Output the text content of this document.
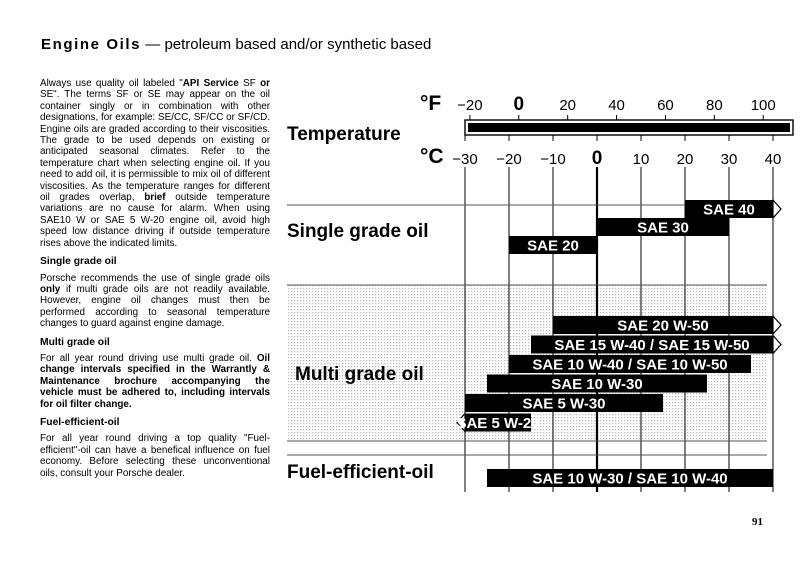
Engine Oils — petroleum based and/or synthetic based

Always use quality oil labeled "API Service SF or SE". The terms SF or SE may appear on the oil container singly or in combination with other designations, for example: SE/CC, SF/CC or SF/CD. Engine oils are graded according to their viscosities. The grade to be used depends on existing or anticipated seasonal climates. Refer to the temperature chart when selecting engine oil. If you need to add oil, it is permissible to mix oil of different viscosities. As the temperature ranges for different oil grades overlap, brief outside temperature variations are no cause for alarm. When using SAE10 W or SAE 5 W-20 engine oil, avoid high speed low distance driving if outside temperature rises above the indicated limits.

Single grade oil

Porsche recommends the use of single grade oils only if multi grade oils are not readily available. However, engine oil changes must then be performed according to seasonal temperature changes to guard against engine damage.

Multi grade oil

For all year round driving use multi grade oil. Oil change intervals specified in the Warrantly & Maintenance brochure accompanying the vehicle must be adhered to, including intervals for oil filter change.

Fuel-efficient-oil

For all year round driving a top quality "Fuel-efficient"-oil can have a benefical influence on fuel economy. Before selecting these unconventional oils, consult your Porsche dealer.

Temperature
°F
°C
−20 0 20 40 60 80 100
−30 −20 −10 0 10 20 30 40
Single grade oil
SAE 40
SAE 30
SAE 20
Multi grade oil
SAE 20 W-50
SAE 15 W-40 / SAE 15 W-50
SAE 10 W-40 / SAE 10 W-50
SAE 10 W-30
SAE 5 W-30
SAE 5 W-20
Fuel-efficient-oil	SAE 10 W-30 / SAE 10 W-40
91
